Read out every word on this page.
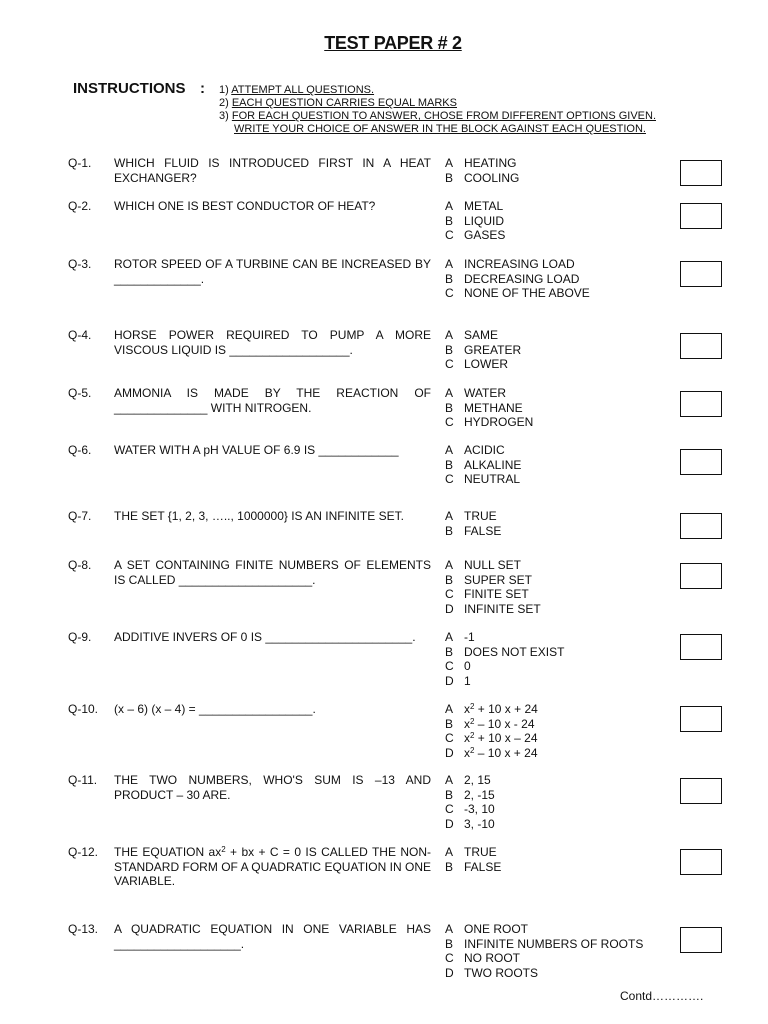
TEST PAPER # 2
INSTRUCTIONS : 1) ATTEMPT ALL QUESTIONS.
2) EACH QUESTION CARRIES EQUAL MARKS
3) FOR EACH QUESTION TO ANSWER, CHOSE FROM DIFFERENT OPTIONS GIVEN.
WRITE YOUR CHOICE OF ANSWER IN THE BLOCK AGAINST EACH QUESTION.
Q-1.	WHICH FLUID IS INTRODUCED FIRST IN A HEAT EXCHANGER?
A HEATING
B COOLING
Q-2.	WHICH ONE IS BEST CONDUCTOR OF HEAT?	A METAL
B LIQUID
C GASES
Q-3.	ROTOR SPEED OF A TURBINE CAN BE INCREASED BY _____________.
A INCREASING LOAD
B DECREASING LOAD
C NONE OF THE ABOVE
Q-4.	HORSE POWER REQUIRED TO PUMP A MORE VISCOUS LIQUID IS __________________.
A SAME
B GREATER
C LOWER
Q-5.	AMMONIA IS MADE BY THE REACTION OF ______________ WITH NITROGEN.
A WATER
B METHANE
C HYDROGEN
Q-6.	WATER WITH A pH VALUE OF 6.9 IS ____________	A ACIDIC
B ALKALINE
C NEUTRAL
Q-7.	THE SET {1, 2, 3, ….., 1000000} IS AN INFINITE SET.	A TRUE
B FALSE
Q-8.	A SET CONTAINING FINITE NUMBERS OF ELEMENTS IS CALLED ____________________.
A NULL SET
B SUPER SET
C FINITE SET
D INFINITE SET
Q-9.	ADDITIVE INVERS OF 0 IS ______________________.	A -1
B DOES NOT EXIST
C 0
D 1
Q-10.	(x – 6) (x – 4) = _________________.	A $x^2 + 10$ x + 24
B $x^2 - 10$ x - 24
C $x^2 + 10$ x – 24
D $x^2 - 10$ x + 24
Q-11.	THE TWO NUMBERS, WHO'S SUM IS –13 AND PRODUCT – 30 ARE.
A 2, 15
B 2, -15
C -3, 10
D 3, -10
Q-12.	THE EQUATION $ax^2$ + bx + C = 0 IS CALLED THE NON-STANDARD FORM OF A QUADRATIC EQUATION IN ONE VARIABLE.
A TRUE
B FALSE
Q-13.	A QUADRATIC EQUATION IN ONE VARIABLE HAS ___________________.
A ONE ROOT
B INFINITE NUMBERS OF ROOTS
C NO ROOT
D TWO ROOTS
Contd………….
